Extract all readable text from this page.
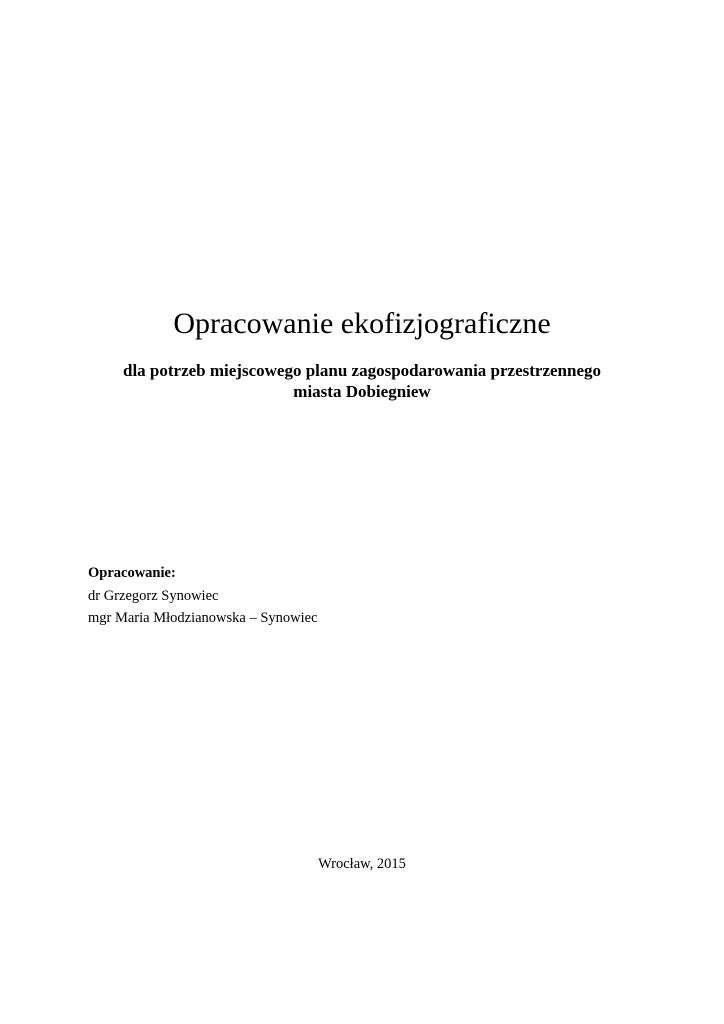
Opracowanie ekofizjograficzne
dla potrzeb miejscowego planu zagospodarowania przestrzennego
miasta Dobiegniew
Opracowanie:
dr Grzegorz Synowiec
mgr Maria Młodzianowska – Synowiec
Wrocław, 2015
